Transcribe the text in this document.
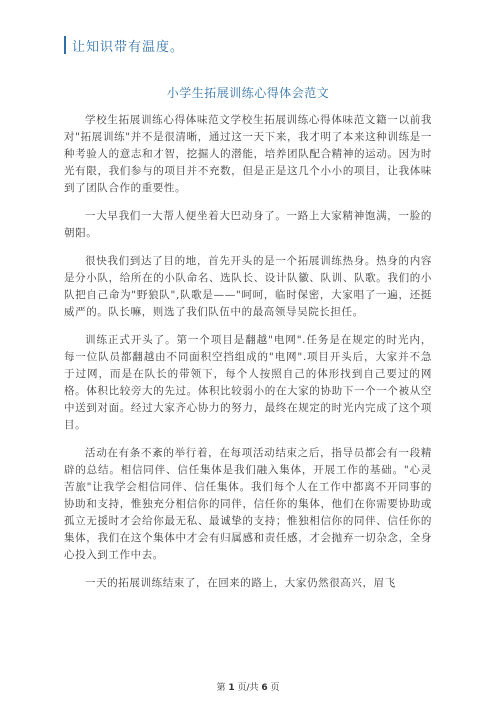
让知识带有温度。
小学生拓展训练心得体会范文

学校生拓展训练心得体味范文学校生拓展训练心得体味范文籍一以前我对"拓展训练"并不是很清晰，通过这一天下来，我才明了本来这种训练是一种考验人的意志和才智，挖掘人的潜能，培养团队配合精神的运动。因为时光有限，我们参与的项目并不充数，但是正是这几个小小的项目，让我体味到了团队合作的重要性。

一大早我们一大帮人便坐着大巴动身了。一路上大家精神饱满，一脸的朝阳。

很快我们到达了目的地，首先开头的是一个拓展训练热身。热身的内容是分小队，给所在的小队命名、选队长、设计队徽、队训、队歌。我们的小队把自己命为"野狼队",队歌是——"呵呵，临时保密，大家唱了一遍，还挺威严的。队长嘛，则选了我们队伍中的最高领导吴院长担任。

训练正式开头了。第一个项目是翻越"电网".任务是在规定的时光内，每一位队员都翻越由不同面积空挡组成的"电网".项目开头后，大家并不急于过网，而是在队长的带领下，每个人按照自己的体形找到自己要过的网格。体积比较旁大的先过。体积比较弱小的在大家的协助下一个一个被从空中送到对面。经过大家齐心协力的努力，最终在规定的时光内完成了这个项目。

活动在有条不紊的举行着，在每项活动结束之后，指导员都会有一段精辟的总结。相信同伴、信任集体是我们融入集体，开展工作的基础。"心灵苦旅"让我学会相信同伴、信任集体。我们每个人在工作中都离不开同事的协助和支持，惟独充分相信你的同伴，信任你的集体，他们在你需要协助或孤立无援时才会给你最无私、最诚挚的支持；惟独相信你的同伴、信任你的集体，我们在这个集体中才会有归属感和责任感，才会抛弃一切杂念，全身心投入到工作中去。

一天的拓展训练结束了，在回来的路上，大家仍然很高兴，眉飞

第 1 页/共 6 页
